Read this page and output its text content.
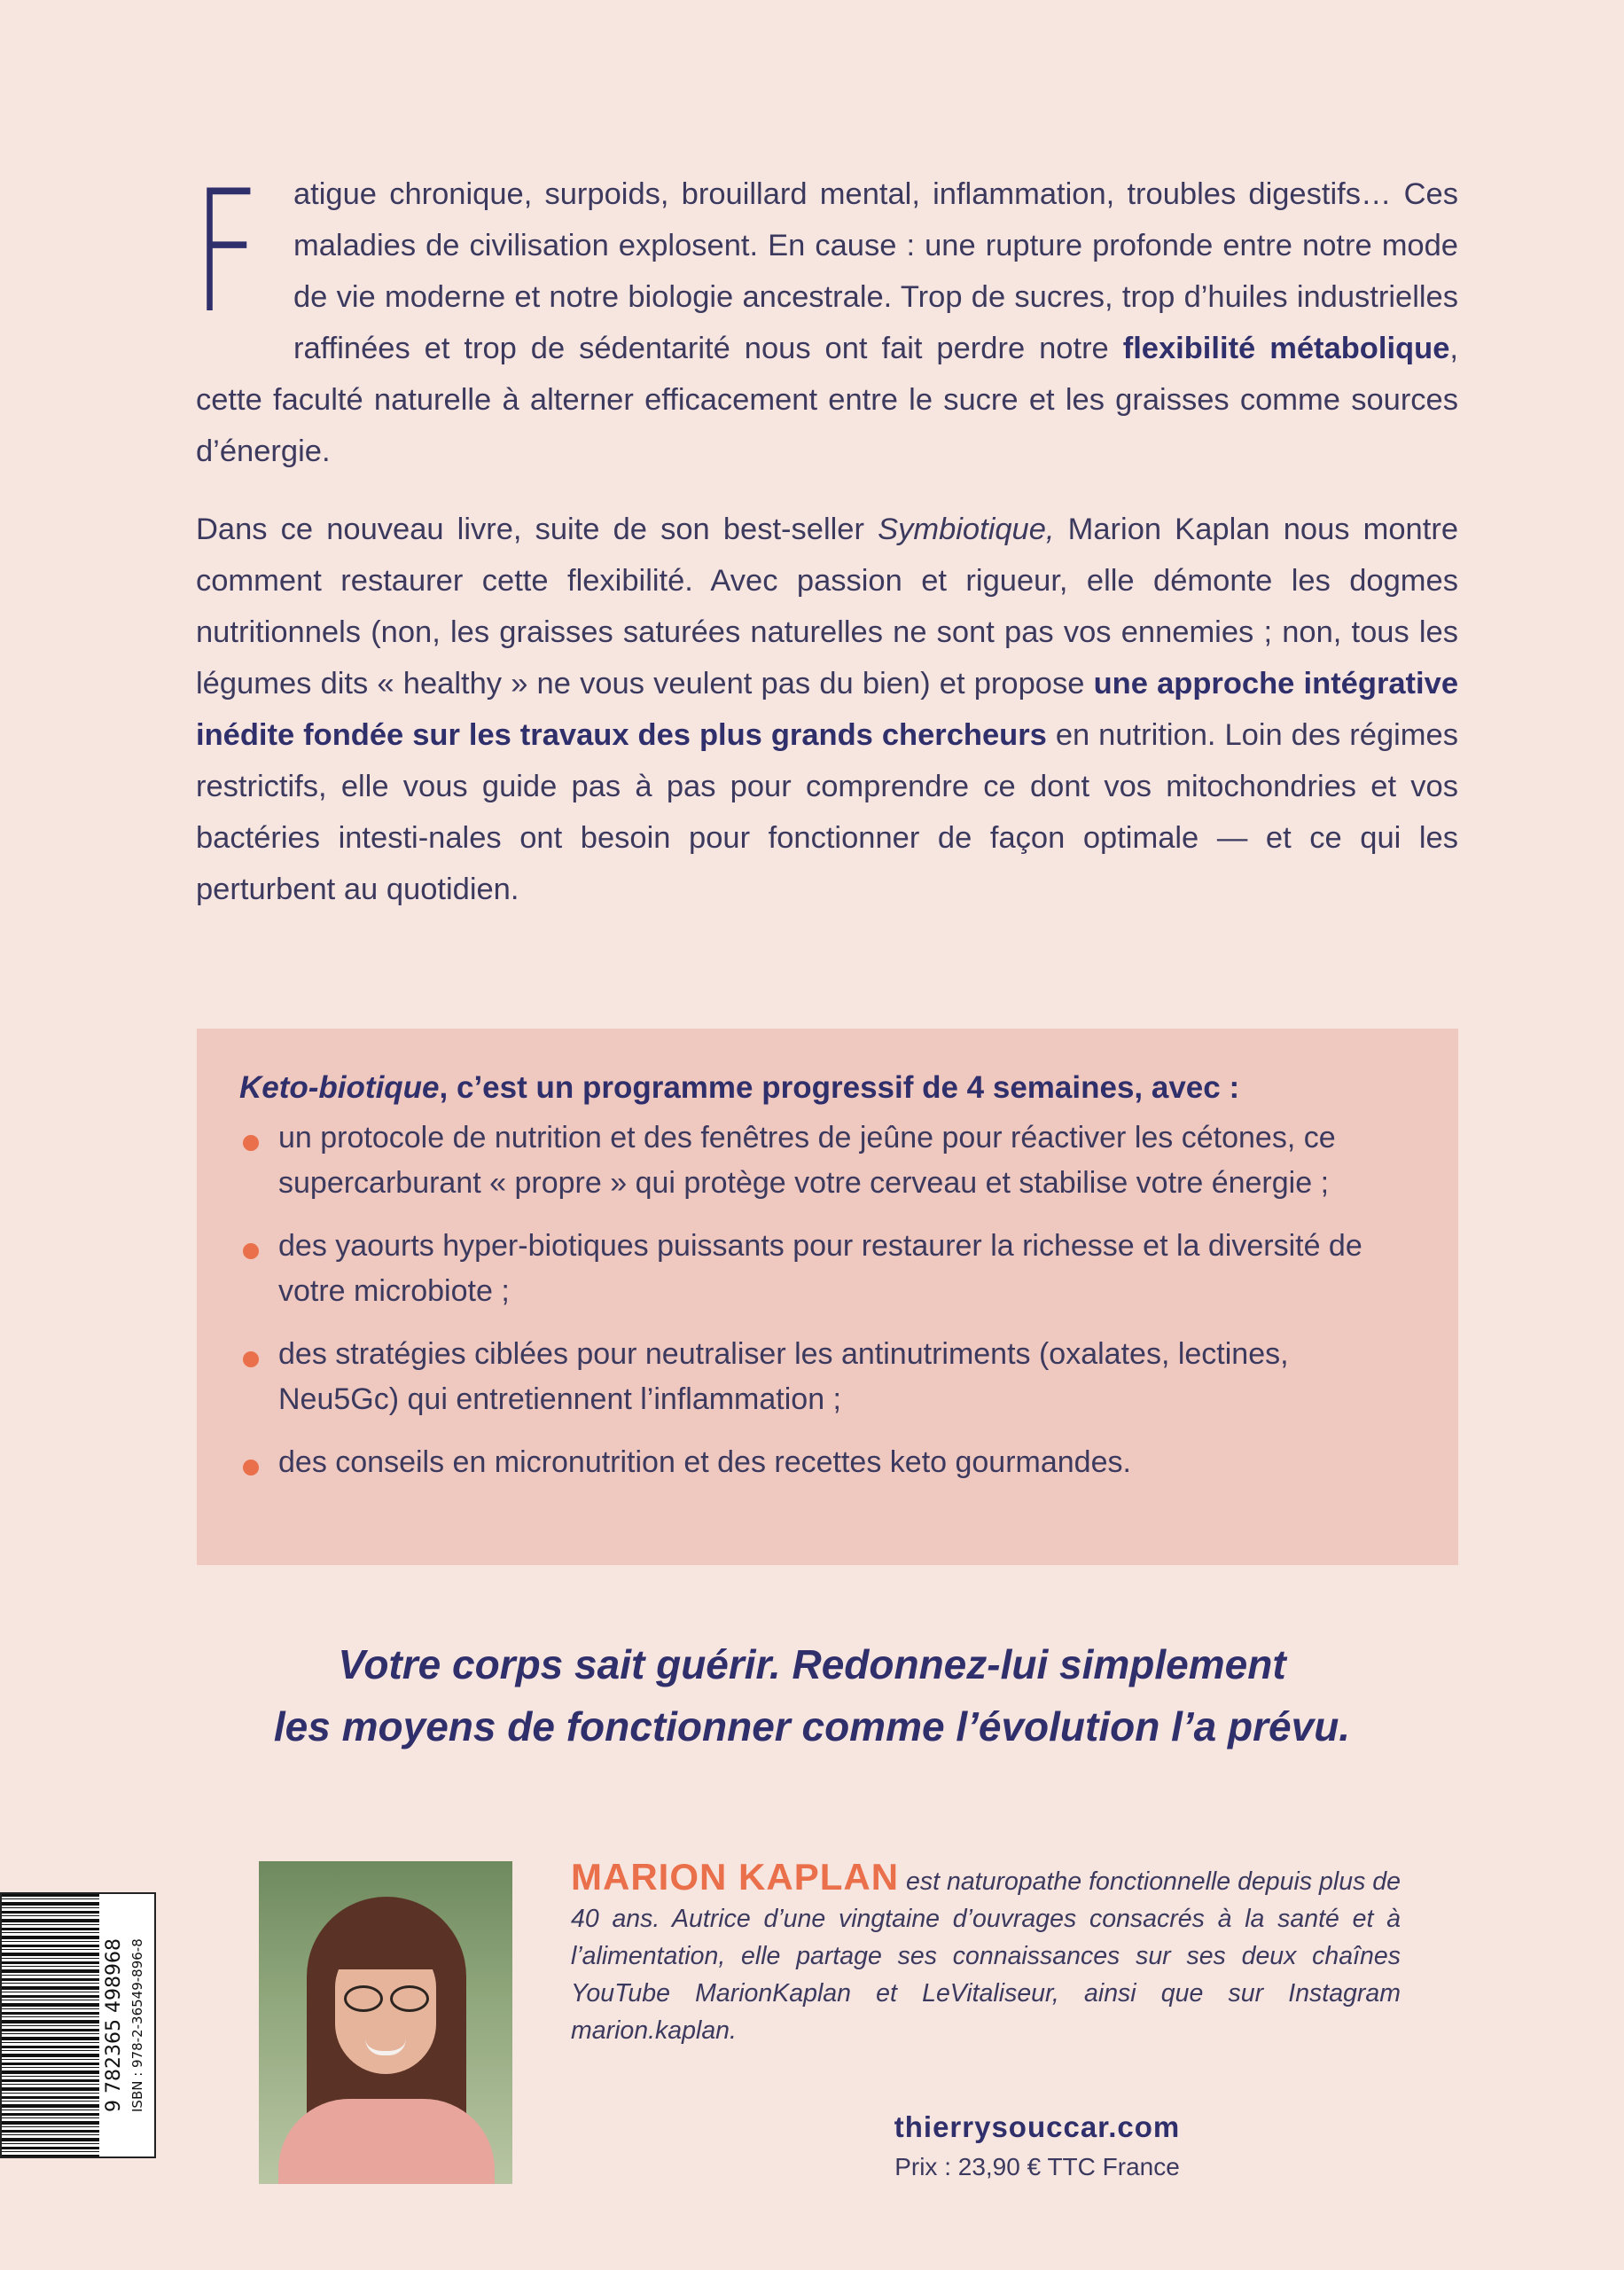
F atigue chronique, surpoids, brouillard mental, inflammation, troubles digestifs… Ces maladies de civilisation explosent. En cause : une rupture profonde entre notre mode de vie moderne et notre biologie ancestrale. Trop de sucres, trop d’huiles industrielles raffinées et trop de sédentarité nous ont fait perdre notre flexibilité métabolique, cette faculté naturelle à alterner efficacement entre le sucre et les graisses comme sources d’énergie.

Dans ce nouveau livre, suite de son best-seller Symbiotique, Marion Kaplan nous montre comment restaurer cette flexibilité. Avec passion et rigueur, elle démonte les dogmes nutritionnels (non, les graisses saturées naturelles ne sont pas vos ennemies ; non, tous les légumes dits « healthy » ne vous veulent pas du bien) et propose une approche intégrative inédite fondée sur les travaux des plus grands chercheurs en nutrition. Loin des régimes restrictifs, elle vous guide pas à pas pour comprendre ce dont vos mitochondries et vos bactéries intesti-nales ont besoin pour fonctionner de façon optimale — et ce qui les perturbent au quotidien.

Keto-biotique, c’est un programme progressif de 4 semaines, avec :
un protocole de nutrition et des fenêtres de jeûne pour réactiver les cétones, ce supercarburant « propre » qui protège votre cerveau et stabilise votre énergie ;
des yaourts hyper-biotiques puissants pour restaurer la richesse et la diversité de votre microbiote ;
des stratégies ciblées pour neutraliser les antinutriments (oxalates, lectines, Neu5Gc) qui entretiennent l’inflammation ;
des conseils en micronutrition et des recettes keto gourmandes.

Votre corps sait guérir. Redonnez-lui simplement
les moyens de fonctionner comme l’évolution l’a prévu.

MARION KAPLAN est naturopathe fonctionnelle depuis plus de 40 ans. Autrice d’une vingtaine d’ouvrages consacrés à la santé et à l’alimentation, elle partage ses connaissances sur ses deux chaînes YouTube MarionKaplan et LeVitaliseur, ainsi que sur Instagram marion.kaplan.

thierrysouccar.com
Prix : 23,90 € TTC France
9 782365 498968 ISBN : 978-2-36549-896-8
